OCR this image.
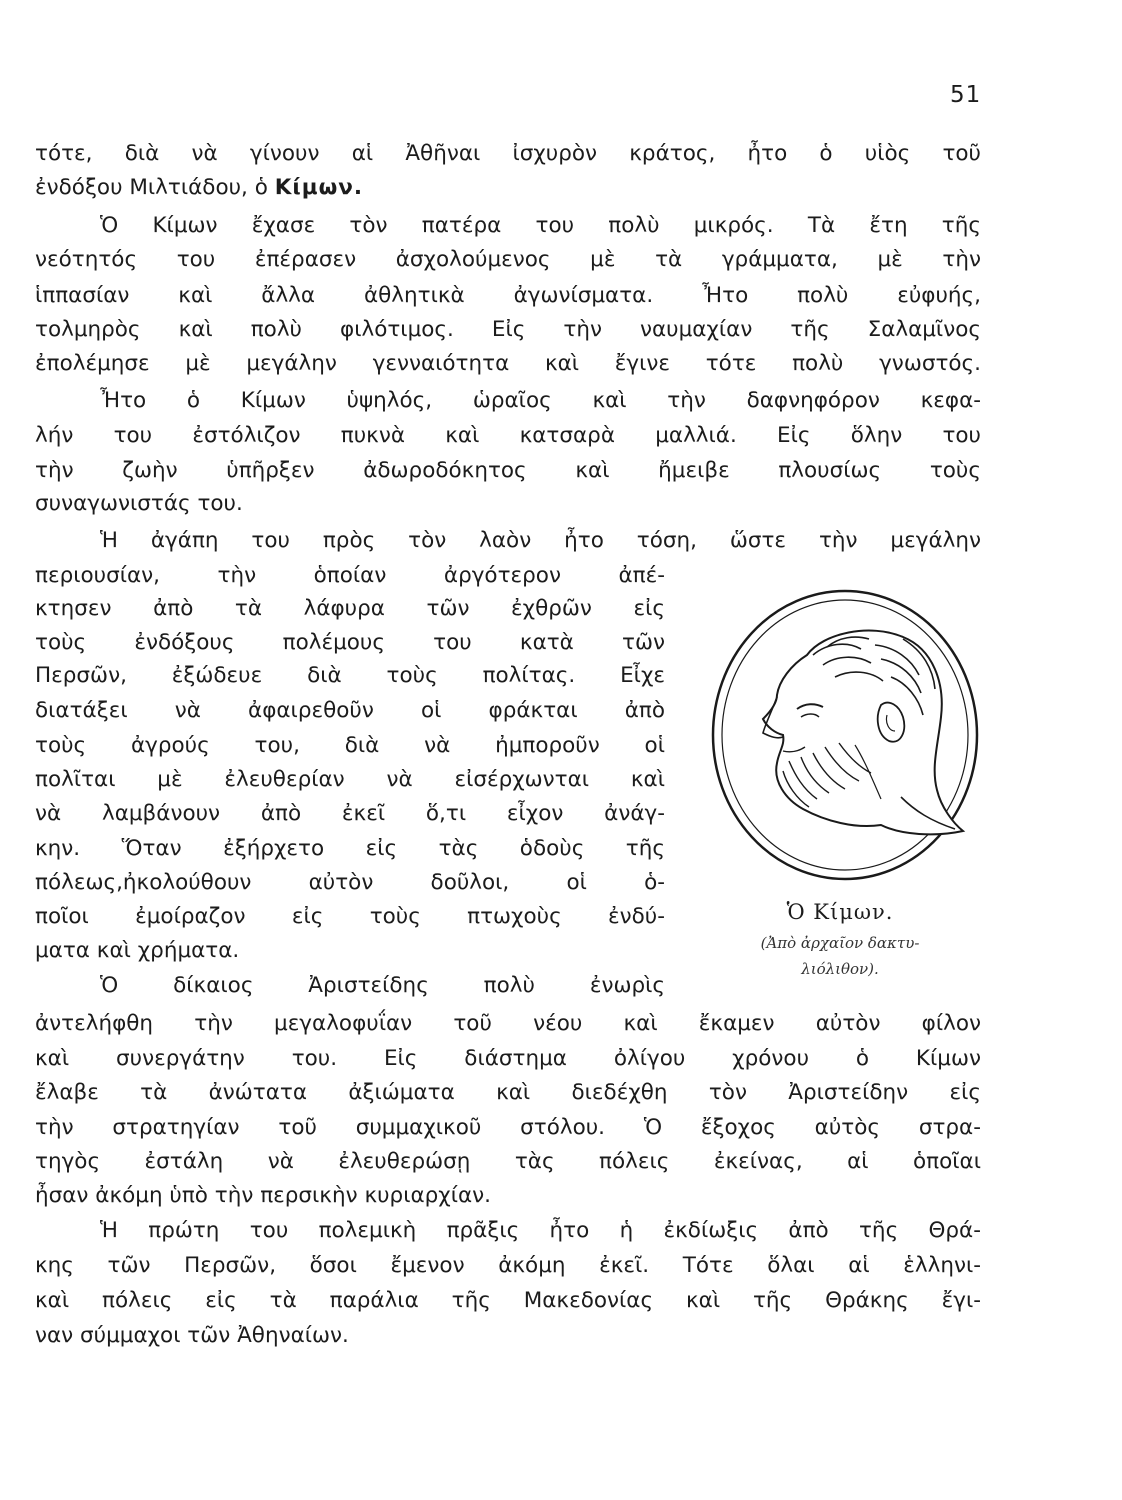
51
τότε, διὰ νὰ γίνουν αἱ Ἀθῆναι ἰσχυρὸν κράτος, ἦτο ὁ υἱὸς τοῦ
ἐνδόξου Μιλτιάδου, ὁ Κίμων.
Ὁ Κίμων ἔχασε τὸν πατέρα του πολὺ μικρός. Τὰ ἔτη τῆς
νεότητός του ἐπέρασεν ἀσχολούμενος μὲ τὰ γράμματα, μὲ τὴν
ἱππασίαν καὶ ἄλλα ἀθλητικὰ ἀγωνίσματα. Ἦτο πολὺ εὐφυής,
τολμηρὸς καὶ πολὺ φιλότιμος. Εἰς τὴν ναυμαχίαν τῆς Σαλαμῖνος
ἐπολέμησε μὲ μεγάλην γενναιότητα καὶ ἔγινε τότε πολὺ γνωστός.
Ἦτο ὁ Κίμων ὑψηλός, ὡραῖος καὶ τὴν δαφνηφόρον κεφα-
λήν του ἐστόλιζον πυκνὰ καὶ κατσαρὰ μαλλιά. Εἰς ὅλην του
τὴν ζωὴν ὑπῆρξεν ἀδωροδόκητος καὶ ἤμειβε πλουσίως τοὺς
συναγωνιστάς του.
Ἡ ἀγάπη του πρὸς τὸν λαὸν ἦτο τόση, ὥστε τὴν μεγάλην
περιουσίαν, τὴν ὁποίαν ἀργότερον ἀπέ-
κτησεν ἀπὸ τὰ λάφυρα τῶν ἐχθρῶν εἰς
τοὺς ἐνδόξους πολέμους του κατὰ τῶν
Περσῶν, ἐξώδευε διὰ τοὺς πολίτας. Εἶχε
διατάξει νὰ ἀφαιρεθοῦν οἱ φράκται ἀπὸ
τοὺς ἀγρούς του, διὰ νὰ ἠμποροῦν οἱ
πολῖται μὲ ἐλευθερίαν νὰ εἰσέρχωνται καὶ
νὰ λαμβάνουν ἀπὸ ἐκεῖ ὅ,τι εἶχον ἀνάγ-
κην. Ὅταν ἐξήρχετο εἰς τὰς ὁδοὺς τῆς
πόλεως,ἠκολούθουν αὐτὸν δοῦλοι, οἱ ὁ-
ποῖοι ἐμοίραζον εἰς τοὺς πτωχοὺς ἐνδύ-
ματα καὶ χρήματα.
Ὁ δίκαιος Ἀριστείδης πολὺ ἐνωρὶς
ἀντελήφθη τὴν μεγαλοφυΐαν τοῦ νέου καὶ ἔκαμεν αὐτὸν φίλον
καὶ συνεργάτην του. Εἰς διάστημα ὀλίγου χρόνου ὁ Κίμων
ἔλαβε τὰ ἀνώτατα ἀξιώματα καὶ διεδέχθη τὸν Ἀριστείδην εἰς
τὴν στρατηγίαν τοῦ συμμαχικοῦ στόλου. Ὁ ἔξοχος αὐτὸς στρα-
τηγὸς ἐστάλη νὰ ἐλευθερώσῃ τὰς πόλεις ἐκείνας, αἱ ὁποῖαι
ἦσαν ἀκόμη ὑπὸ τὴν περσικὴν κυριαρχίαν.
Ἡ πρώτη του πολεμικὴ πρᾶξις ἦτο ἡ ἐκδίωξις ἀπὸ τῆς Θρά-
κης τῶν Περσῶν, ὅσοι ἔμενον ἀκόμη ἐκεῖ. Τότε ὅλαι αἱ ἑλληνι-
καὶ πόλεις εἰς τὰ παράλια τῆς Μακεδονίας καὶ τῆς Θράκης ἔγι-
ναν σύμμαχοι τῶν Ἀθηναίων.
Ὁ Κίμων.
(Ἀπὸ ἀρχαῖον δακτυ-
λιόλιθον).
